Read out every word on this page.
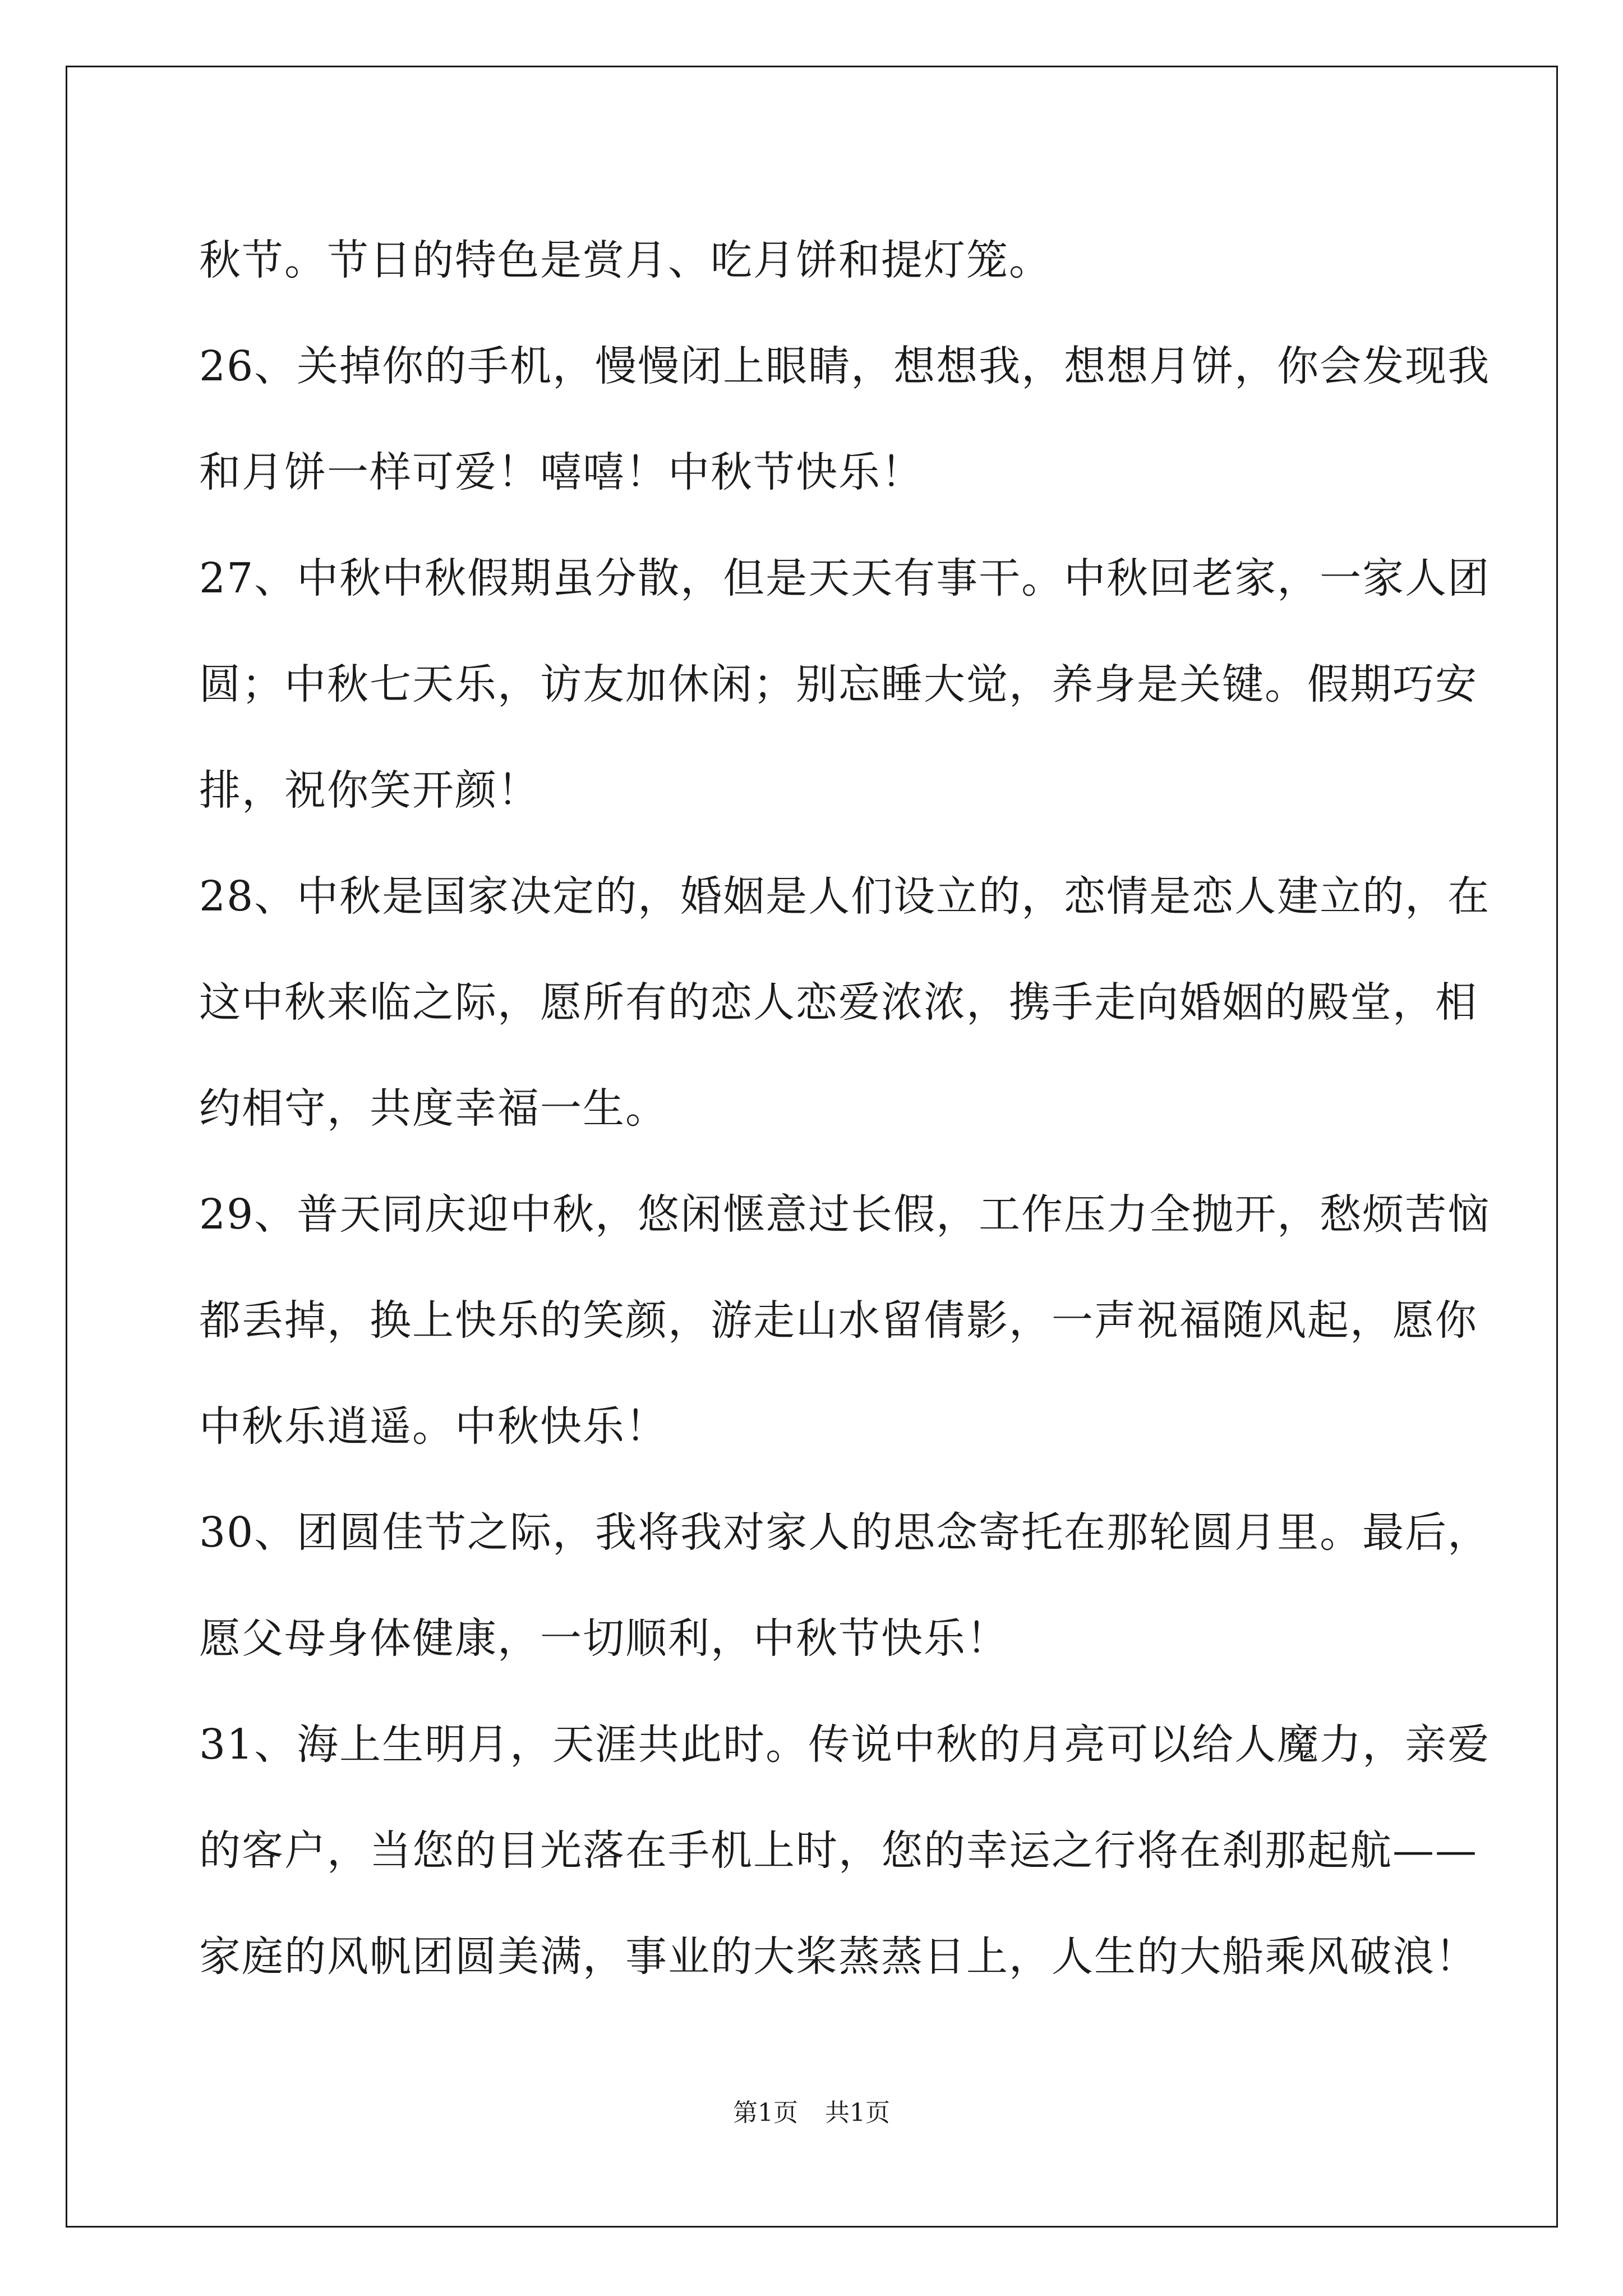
秋节。节日的特色是赏月、吃月饼和提灯笼。
26、关掉你的手机，慢慢闭上眼睛，想想我，想想月饼，你会发现我
和月饼一样可爱！嘻嘻！中秋节快乐！
27、中秋中秋假期虽分散，但是天天有事干。中秋回老家，一家人团
圆；中秋七天乐，访友加休闲；别忘睡大觉，养身是关键。假期巧安
排，祝你笑开颜！
28、中秋是国家决定的，婚姻是人们设立的，恋情是恋人建立的，在
这中秋来临之际，愿所有的恋人恋爱浓浓，携手走向婚姻的殿堂，相
约相守，共度幸福一生。
29、普天同庆迎中秋，悠闲惬意过长假，工作压力全抛开，愁烦苦恼
都丢掉，换上快乐的笑颜，游走山水留倩影，一声祝福随风起，愿你
中秋乐逍遥。中秋快乐！
30、团圆佳节之际，我将我对家人的思念寄托在那轮圆月里。最后，
愿父母身体健康，一切顺利，中秋节快乐！
31、海上生明月，天涯共此时。传说中秋的月亮可以给人魔力，亲爱
的客户，当您的目光落在手机上时，您的幸运之行将在刹那起航——
家庭的风帆团圆美满，事业的大桨蒸蒸日上，人生的大船乘风破浪！
第1页 共1页
